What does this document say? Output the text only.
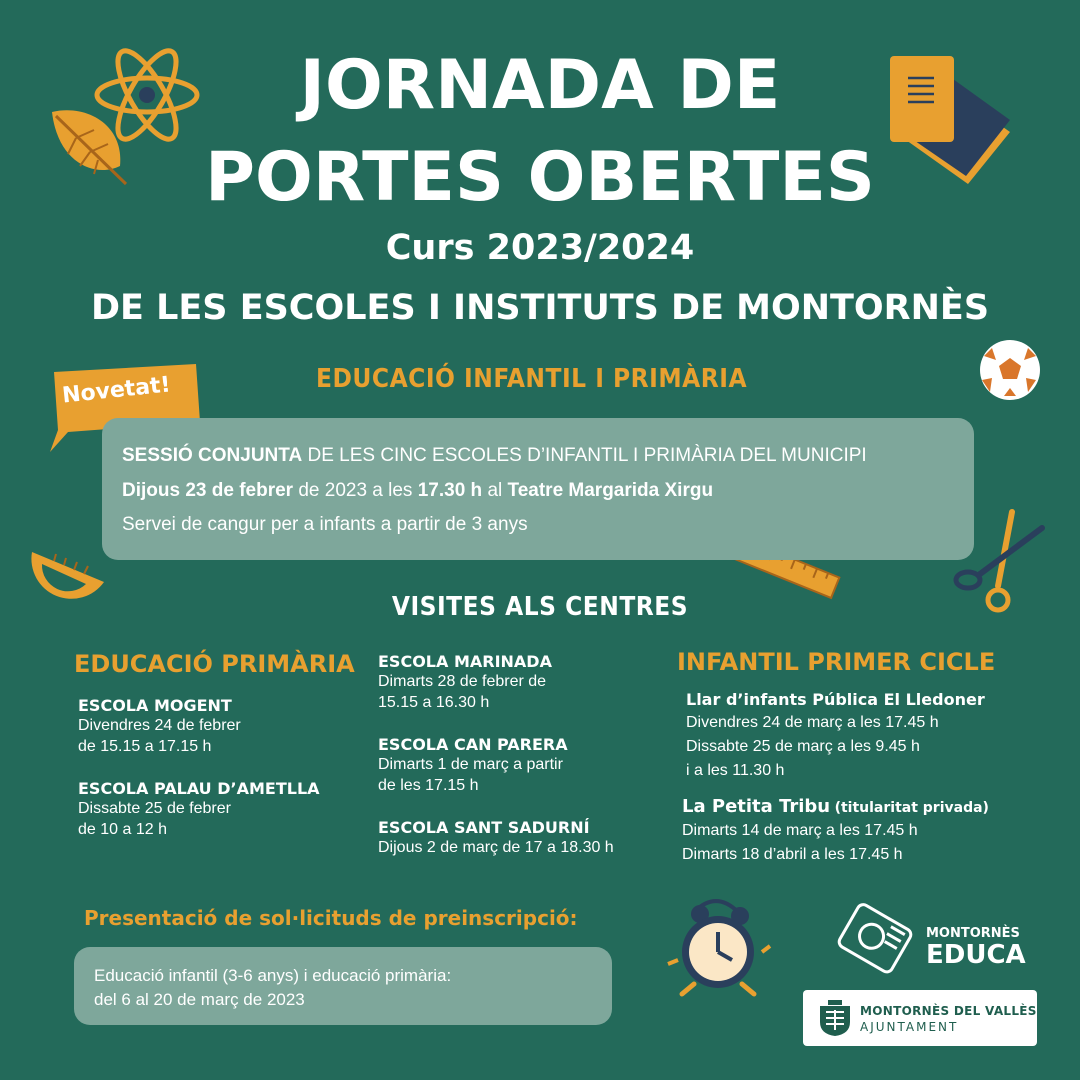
Novetat!
JORNADA DE
PORTES OBERTES
Curs 2023/2024
DE LES ESCOLES I INSTITUTS DE MONTORNÈS
EDUCACIÓ INFANTIL I PRIMÀRIA
SESSIÓ CONJUNTA DE LES CINC ESCOLES D’INFANTIL I PRIMÀRIA DEL MUNICIPI
Dijous 23 de febrer de 2023 a les 17.30 h al Teatre Margarida Xirgu
Servei de cangur per a infants a partir de 3 anys
VISITES ALS CENTRES
EDUCACIÓ PRIMÀRIA
ESCOLA MOGENT
Divendres 24 de febrer
de 15.15 a 17.15 h
ESCOLA PALAU D’AMETLLA
Dissabte 25 de febrer
de 10 a 12 h
ESCOLA MARINADA
Dimarts 28 de febrer de
15.15 a 16.30 h
ESCOLA CAN PARERA
Dimarts 1 de març a partir
de les 17.15 h
ESCOLA SANT SADURNÍ
Dijous 2 de març de 17 a 18.30 h
INFANTIL PRIMER CICLE
Llar d’infants Pública El Lledoner
Divendres 24 de març a les 17.45 h
Dissabte 25 de març a les 9.45 h
i a les 11.30 h
La Petita Tribu (titularitat privada)
Dimarts 14 de març a les 17.45 h
Dimarts 18 d’abril a les 17.45 h
Presentació de sol·licituds de preinscripció:
Educació infantil (3-6 anys) i educació primària:
del 6 al 20 de març de 2023
MONTORNÈS
EDUCA
MONTORNÈS DEL VALLÈS
AJUNTAMENT
